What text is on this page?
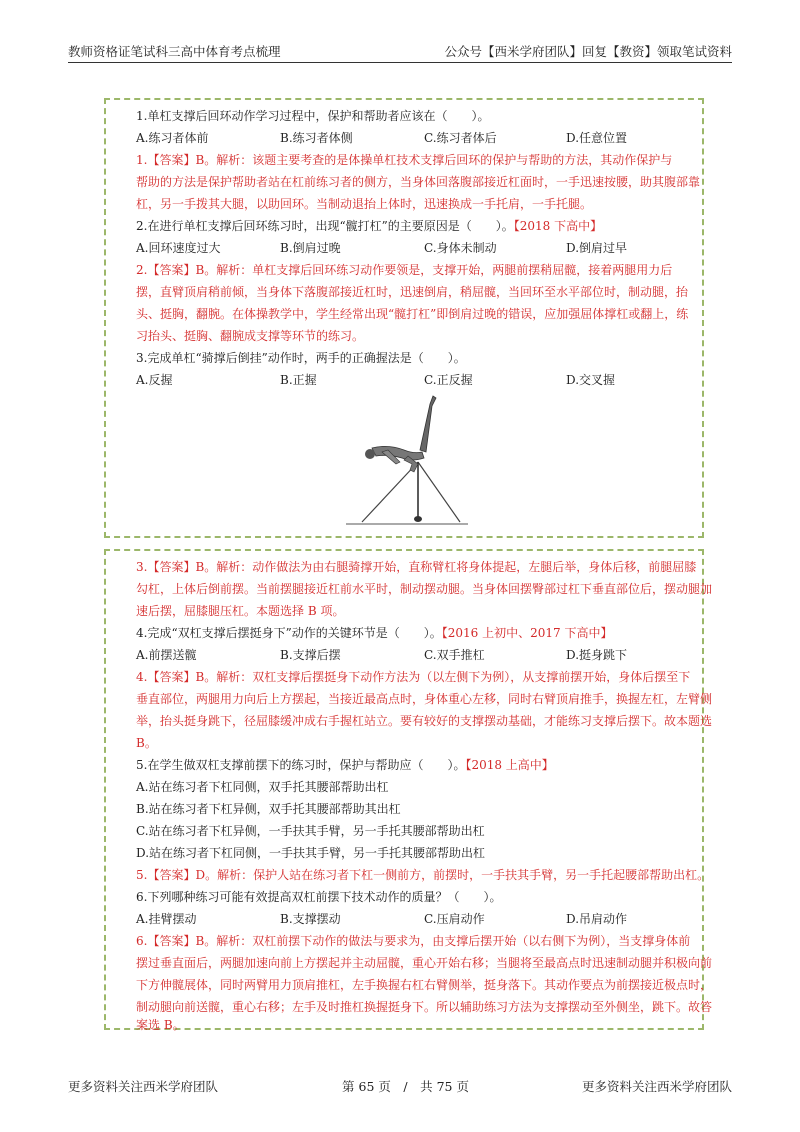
教师资格证笔试科三高中体育考点梳理	公众号【西米学府团队】回复【教资】领取笔试资料
1.单杠支撑后回环动作学习过程中，保护和帮助者应该在（　　）。
A.练习者体前	B.练习者体侧	C.练习者体后	D.任意位置
1.【答案】B。解析：该题主要考查的是体操单杠技术支撑后回环的保护与帮助的方法，其动作保护与
帮助的方法是保护帮助者站在杠前练习者的侧方，当身体回落腹部接近杠面时，一手迅速按腰，助其腹部靠
杠，另一手拨其大腿，以助回环。当制动退抬上体时，迅速换成一手托肩，一手托腿。
2.在进行单杠支撑后回环练习时，出现“髋打杠”的主要原因是（　　）。【2018 下高中】
A.回环速度过大	B.倒肩过晚	C.身体未制动	D.倒肩过早
2.【答案】B。解析：单杠支撑后回环练习动作要领是，支撑开始，两腿前摆稍屈髋，接着两腿用力后
摆，直臂顶肩稍前倾，当身体下落腹部接近杠时，迅速倒肩，稍屈髋，当回环至水平部位时，制动腿，抬
头、挺胸，翻腕。在体操教学中，学生经常出现“髋打杠”即倒肩过晚的错误，应加强屈体撑杠或翻上，练
习抬头、挺胸、翻腕成支撑等环节的练习。
3.完成单杠“骑撑后倒挂”动作时，两手的正确握法是（　　）。
A.反握	B.正握	C.正反握	D.交叉握
3.【答案】B。解析：动作做法为由右腿骑撑开始，直称臂杠将身体提起，左腿后举，身体后移，前腿屈膝
勾杠，上体后倒前摆。当前摆腿接近杠前水平时，制动摆动腿。当身体回摆臀部过杠下垂直部位后，摆动腿加
速后摆，屈膝腿压杠。本题选择 B 项。
4.完成“双杠支撑后摆挺身下”动作的关键环节是（　　）。【2016 上初中、2017 下高中】
A.前摆送髋	B.支撑后摆	C.双手推杠	D.挺身跳下
4.【答案】B。解析：双杠支撑后摆挺身下动作方法为（以左侧下为例），从支撑前摆开始，身体后摆至下
垂直部位，两腿用力向后上方摆起，当接近最高点时，身体重心左移，同时右臂顶肩推手，换握左杠，左臂侧
举，抬头挺身跳下，径屈膝缓冲成右手握杠站立。要有较好的支撑摆动基础，才能练习支撑后摆下。故本题选
B。
5.在学生做双杠支撑前摆下的练习时，保护与帮助应（　　）。【2018 上高中】
A.站在练习者下杠同侧，双手托其腰部帮助出杠
B.站在练习者下杠异侧，双手托其腰部帮助其出杠
C.站在练习者下杠异侧，一手扶其手臂，另一手托其腰部帮助出杠
D.站在练习者下杠同侧，一手扶其手臂，另一手托其腰部帮助出杠
5.【答案】D。解析：保护人站在练习者下杠一侧前方，前摆时，一手扶其手臂，另一手托起腰部帮助出杠。
6.下列哪种练习可能有效提高双杠前摆下技术动作的质量？（　　）。
A.挂臂摆动	B.支撑摆动	C.压肩动作	D.吊肩动作
6.【答案】B。解析：双杠前摆下动作的做法与要求为，由支撑后摆开始（以右侧下为例），当支撑身体前
摆过垂直面后，两腿加速向前上方摆起并主动屈髋，重心开始右移；当腿将至最高点时迅速制动腿并积极向前
下方伸髋展体，同时两臂用力顶肩推杠，左手换握右杠右臂侧举，挺身落下。其动作要点为前摆接近极点时，
制动腿向前送髋，重心右移；左手及时推杠换握挺身下。所以辅助练习方法为支撑摆动至外侧坐，跳下。故答
案选 B。
更多资料关注西米学府团队	第 65 页　/　共 75 页	更多资料关注西米学府团队
